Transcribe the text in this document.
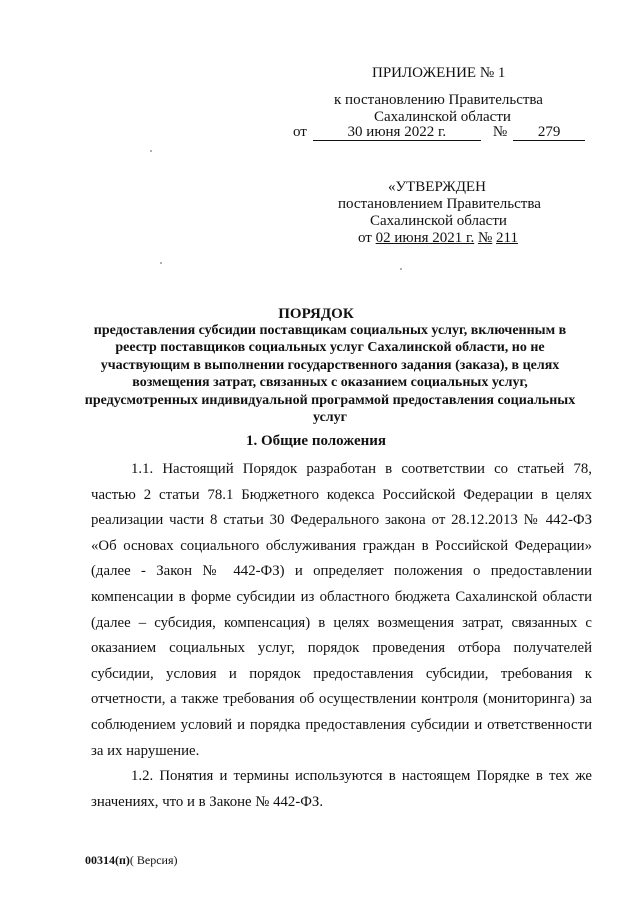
ПРИЛОЖЕНИЕ № 1
к постановлению Правительства
Сахалинской области
от	30 июня 2022 г.	№ 279
«УТВЕРЖДЕН
постановлением Правительства
Сахалинской области
от 02 июня 2021 г. № 211
ПОРЯДОК
предоставления субсидии поставщикам социальных услуг, включенным в реестр поставщиков социальных услуг Сахалинской области, но не участвующим в выполнении государственного задания (заказа), в целях возмещения затрат, связанных с оказанием социальных услуг, предусмотренных индивидуальной программой предоставления социальных услуг
1. Общие положения
1.1. Настоящий Порядок разработан в соответствии со статьей 78, частью 2 статьи 78.1 Бюджетного кодекса Российской Федерации в целях реализации части 8 статьи 30 Федерального закона от 28.12.2013 № 442-ФЗ «Об основах социального обслуживания граждан в Российской Федерации» (далее - Закон № 442-ФЗ) и определяет положения о предоставлении компенсации в форме субсидии из областного бюджета Сахалинской области (далее – субсидия, компенсация) в целях возмещения затрат, связанных с оказанием социальных услуг, порядок проведения отбора получателей субсидии, условия и порядок предоставления субсидии, требования к отчетности, а также требования об осуществлении контроля (мониторинга) за соблюдением условий и порядка предоставления субсидии и ответственности за их нарушение.
1.2. Понятия и термины используются в настоящем Порядке в тех же значениях, что и в Законе № 442-ФЗ.
00314(п)( Версия)
